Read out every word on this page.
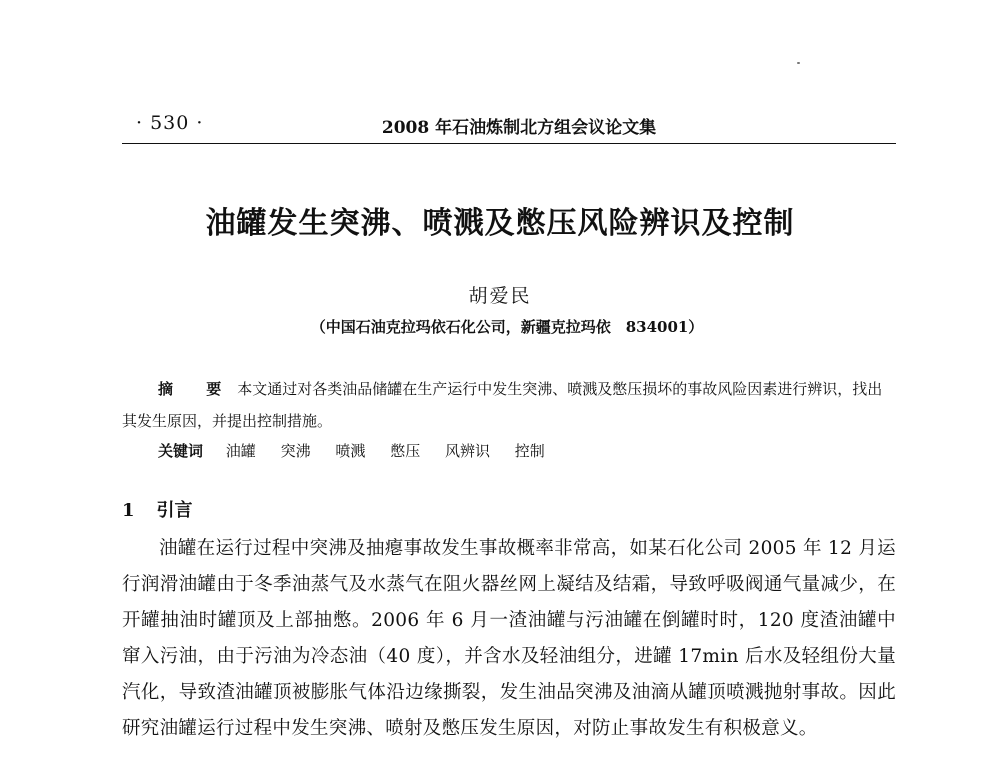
· 530 ·	2008 年石油炼制北方组会议论文集
油罐发生突沸、喷溅及憋压风险辨识及控制
胡爱民
（中国石油克拉玛依石化公司，新疆克拉玛依　834001）
摘 要 本文通过对各类油品储罐在生产运行中发生突沸、喷溅及憋压损坏的事故风险因素进行辨识，找出其发生原因，并提出控制措施。
关键词 油罐 突沸 喷溅 憋压 风辨识 控制
1 引言
油罐在运行过程中突沸及抽瘪事故发生事故概率非常高，如某石化公司 2005 年 12 月运行润滑油罐由于冬季油蒸气及水蒸气在阻火器丝网上凝结及结霜，导致呼吸阀通气量减少，在开罐抽油时罐顶及上部抽憋。2006 年 6 月一渣油罐与污油罐在倒罐时时，120 度渣油罐中窜入污油，由于污油为冷态油（40 度），并含水及轻油组分，进罐 17min 后水及轻组份大量汽化，导致渣油罐顶被膨胀气体沿边缘撕裂，发生油品突沸及油滴从罐顶喷溅抛射事故。因此研究油罐运行过程中发生突沸、喷射及憋压发生原因，对防止事故发生有积极意义。
